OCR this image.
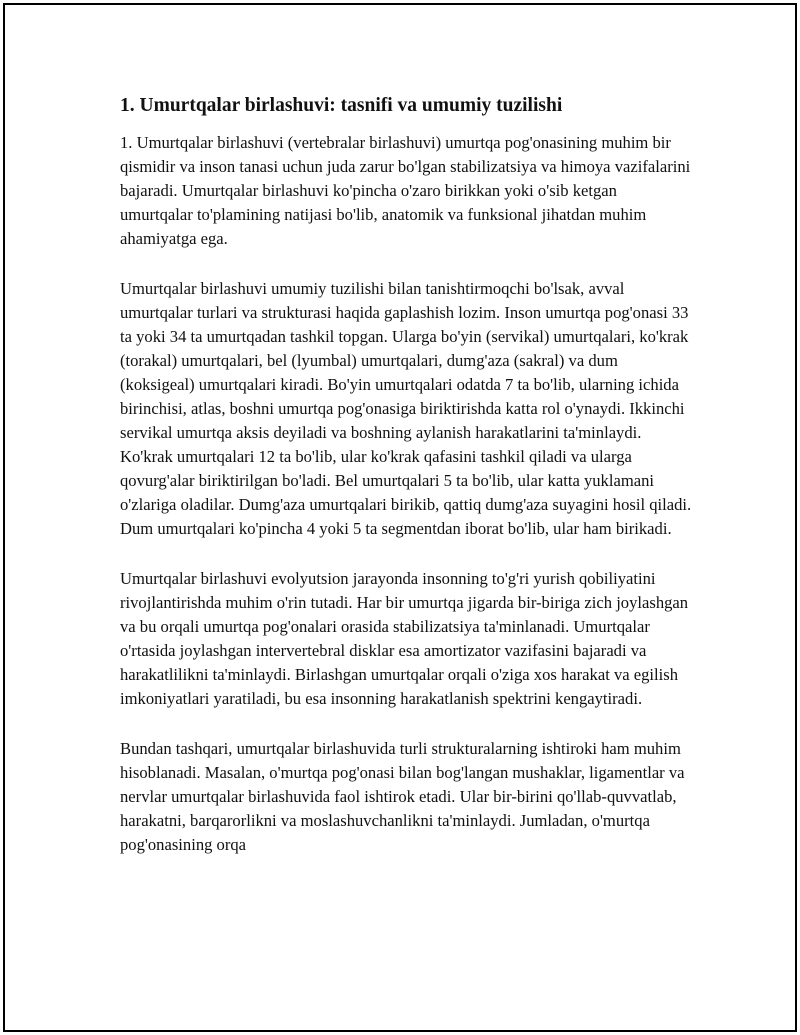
1. Umurtqalar birlashuvi: tasnifi va umumiy tuzilishi

1. Umurtqalar birlashuvi (vertebralar birlashuvi) umurtqa pog'onasining muhim bir qismidir va inson tanasi uchun juda zarur bo'lgan stabilizatsiya va himoya vazifalarini bajaradi. Umurtqalar birlashuvi ko'pincha o'zaro birikkan yoki o'sib ketgan umurtqalar to'plamining natijasi bo'lib, anatomik va funksional jihatdan muhim ahamiyatga ega.

Umurtqalar birlashuvi umumiy tuzilishi bilan tanishtirmoqchi bo'lsak, avval umurtqalar turlari va strukturasi haqida gaplashish lozim. Inson umurtqa pog'onasi 33 ta yoki 34 ta umurtqadan tashkil topgan. Ularga bo'yin (servikal) umurtqalari, ko'krak (torakal) umurtqalari, bel (lyumbal) umurtqalari, dumg'aza (sakral) va dum (koksigeal) umurtqalari kiradi. Bo'yin umurtqalari odatda 7 ta bo'lib, ularning ichida birinchisi, atlas, boshni umurtqa pog'onasiga biriktirishda katta rol o'ynaydi. Ikkinchi servikal umurtqa aksis deyiladi va boshning aylanish harakatlarini ta'minlaydi. Ko'krak umurtqalari 12 ta bo'lib, ular ko'krak qafasini tashkil qiladi va ularga qovurg'alar biriktirilgan bo'ladi. Bel umurtqalari 5 ta bo'lib, ular katta yuklamani o'zlariga oladilar. Dumg'aza umurtqalari birikib, qattiq dumg'aza suyagini hosil qiladi. Dum umurtqalari ko'pincha 4 yoki 5 ta segmentdan iborat bo'lib, ular ham birikadi.

Umurtqalar birlashuvi evolyutsion jarayonda insonning to'g'ri yurish qobiliyatini rivojlantirishda muhim o'rin tutadi. Har bir umurtqa jigarda bir-biriga zich joylashgan va bu orqali umurtqa pog'onalari orasida stabilizatsiya ta'minlanadi. Umurtqalar o'rtasida joylashgan intervertebral disklar esa amortizator vazifasini bajaradi va harakatlilikni ta'minlaydi. Birlashgan umurtqalar orqali o'ziga xos harakat va egilish imkoniyatlari yaratiladi, bu esa insonning harakatlanish spektrini kengaytiradi.

Bundan tashqari, umurtqalar birlashuvida turli strukturalarning ishtiroki ham muhim hisoblanadi. Masalan, o'murtqa pog'onasi bilan bog'langan mushaklar, ligamentlar va nervlar umurtqalar birlashuvida faol ishtirok etadi. Ular bir-birini qo'llab-quvvatlab, harakatni, barqarorlikni va moslashuvchanlikni ta'minlaydi. Jumladan, o'murtqa pog'onasining orqa
